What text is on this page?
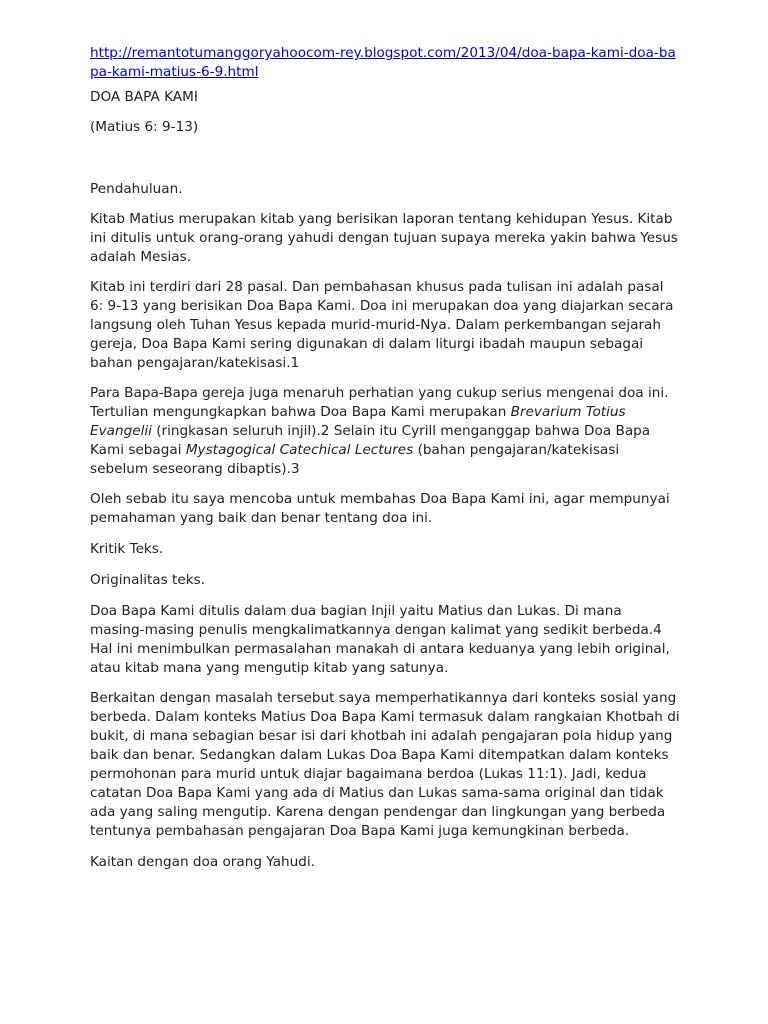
http://remantotumanggoryahoocom-rey.blogspot.com/2013/04/doa-bapa-kami-doa-bapa-kami-matius-6-9.html

DOA BAPA KAMI

(Matius 6: 9-13)

Pendahuluan.

Kitab Matius merupakan kitab yang berisikan laporan tentang kehidupan Yesus. Kitab ini ditulis untuk orang-orang yahudi dengan tujuan supaya mereka yakin bahwa Yesus adalah Mesias.

Kitab ini terdiri dari 28 pasal. Dan pembahasan khusus pada tulisan ini adalah pasal 6: 9-13 yang berisikan Doa Bapa Kami. Doa ini merupakan doa yang diajarkan secara langsung oleh Tuhan Yesus kepada murid-murid-Nya. Dalam perkembangan sejarah gereja, Doa Bapa Kami sering digunakan di dalam liturgi ibadah maupun sebagai bahan pengajaran/katekisasi.1

Para Bapa-Bapa gereja juga menaruh perhatian yang cukup serius mengenai doa ini. Tertulian mengungkapkan bahwa Doa Bapa Kami merupakan Brevarium Totius Evangelii (ringkasan seluruh injil).2 Selain itu Cyrill menganggap bahwa Doa Bapa Kami sebagai Mystagogical Catechical Lectures (bahan pengajaran/katekisasi sebelum seseorang dibaptis).3

Oleh sebab itu saya mencoba untuk membahas Doa Bapa Kami ini, agar mempunyai pemahaman yang baik dan benar tentang doa ini.

Kritik Teks.

Originalitas teks.

Doa Bapa Kami ditulis dalam dua bagian Injil yaitu Matius dan Lukas. Di mana masing-masing penulis mengkalimatkannya dengan kalimat yang sedikit berbeda.4 Hal ini menimbulkan permasalahan manakah di antara keduanya yang lebih original, atau kitab mana yang mengutip kitab yang satunya.

Berkaitan dengan masalah tersebut saya memperhatikannya dari konteks sosial yang berbeda. Dalam konteks Matius Doa Bapa Kami termasuk dalam rangkaian Khotbah di bukit, di mana sebagian besar isi dari khotbah ini adalah pengajaran pola hidup yang baik dan benar. Sedangkan dalam Lukas Doa Bapa Kami ditempatkan dalam konteks permohonan para murid untuk diajar bagaimana berdoa (Lukas 11:1). Jadi, kedua catatan Doa Bapa Kami yang ada di Matius dan Lukas sama-sama original dan tidak ada yang saling mengutip. Karena dengan pendengar dan lingkungan yang berbeda tentunya pembahasan pengajaran Doa Bapa Kami juga kemungkinan berbeda.

Kaitan dengan doa orang Yahudi.
